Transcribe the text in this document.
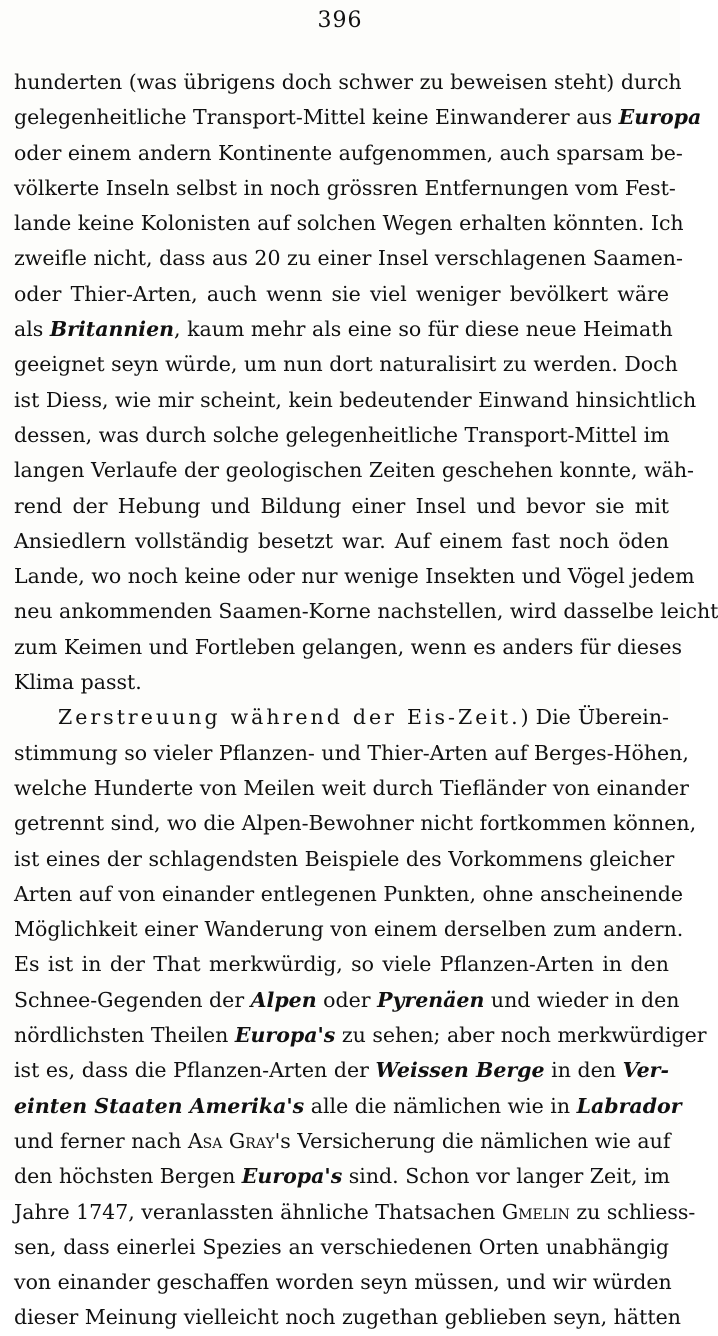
396
hunderten (was übrigens doch schwer zu beweisen steht) durch
gelegenheitliche Transport-Mittel keine Einwanderer aus Europa
oder einem andern Kontinente aufgenommen, auch sparsam be-
völkerte Inseln selbst in noch grössren Entfernungen vom Fest-
lande keine Kolonisten auf solchen Wegen erhalten könnten. Ich
zweifle nicht, dass aus 20 zu einer Insel verschlagenen Saamen-
oder Thier-Arten, auch wenn sie viel weniger bevölkert wäre
als Britannien, kaum mehr als eine so für diese neue Heimath
geeignet seyn würde, um nun dort naturalisirt zu werden. Doch
ist Diess, wie mir scheint, kein bedeutender Einwand hinsichtlich
dessen, was durch solche gelegenheitliche Transport-Mittel im
langen Verlaufe der geologischen Zeiten geschehen konnte, wäh-
rend der Hebung und Bildung einer Insel und bevor sie mit
Ansiedlern vollständig besetzt war. Auf einem fast noch öden
Lande, wo noch keine oder nur wenige Insekten und Vögel jedem
neu ankommenden Saamen-Korne nachstellen, wird dasselbe leicht
zum Keimen und Fortleben gelangen, wenn es anders für dieses
Klima passt.
Zerstreuung während der Eis-Zeit.) Die Überein-
stimmung so vieler Pflanzen- und Thier-Arten auf Berges-Höhen,
welche Hunderte von Meilen weit durch Tiefländer von einander
getrennt sind, wo die Alpen-Bewohner nicht fortkommen können,
ist eines der schlagendsten Beispiele des Vorkommens gleicher
Arten auf von einander entlegenen Punkten, ohne anscheinende
Möglichkeit einer Wanderung von einem derselben zum andern.
Es ist in der That merkwürdig, so viele Pflanzen-Arten in den
Schnee-Gegenden der Alpen oder Pyrenäen und wieder in den
nördlichsten Theilen Europa's zu sehen; aber noch merkwürdiger
ist es, dass die Pflanzen-Arten der Weissen Berge in den Ver-
einten Staaten Amerika's alle die nämlichen wie in Labrador
und ferner nach Asa Gray's Versicherung die nämlichen wie auf
den höchsten Bergen Europa's sind. Schon vor langer Zeit, im
Jahre 1747, veranlassten ähnliche Thatsachen Gmelin zu schliess-
sen, dass einerlei Spezies an verschiedenen Orten unabhängig
von einander geschaffen worden seyn müssen, und wir würden
dieser Meinung vielleicht noch zugethan geblieben seyn, hätten
